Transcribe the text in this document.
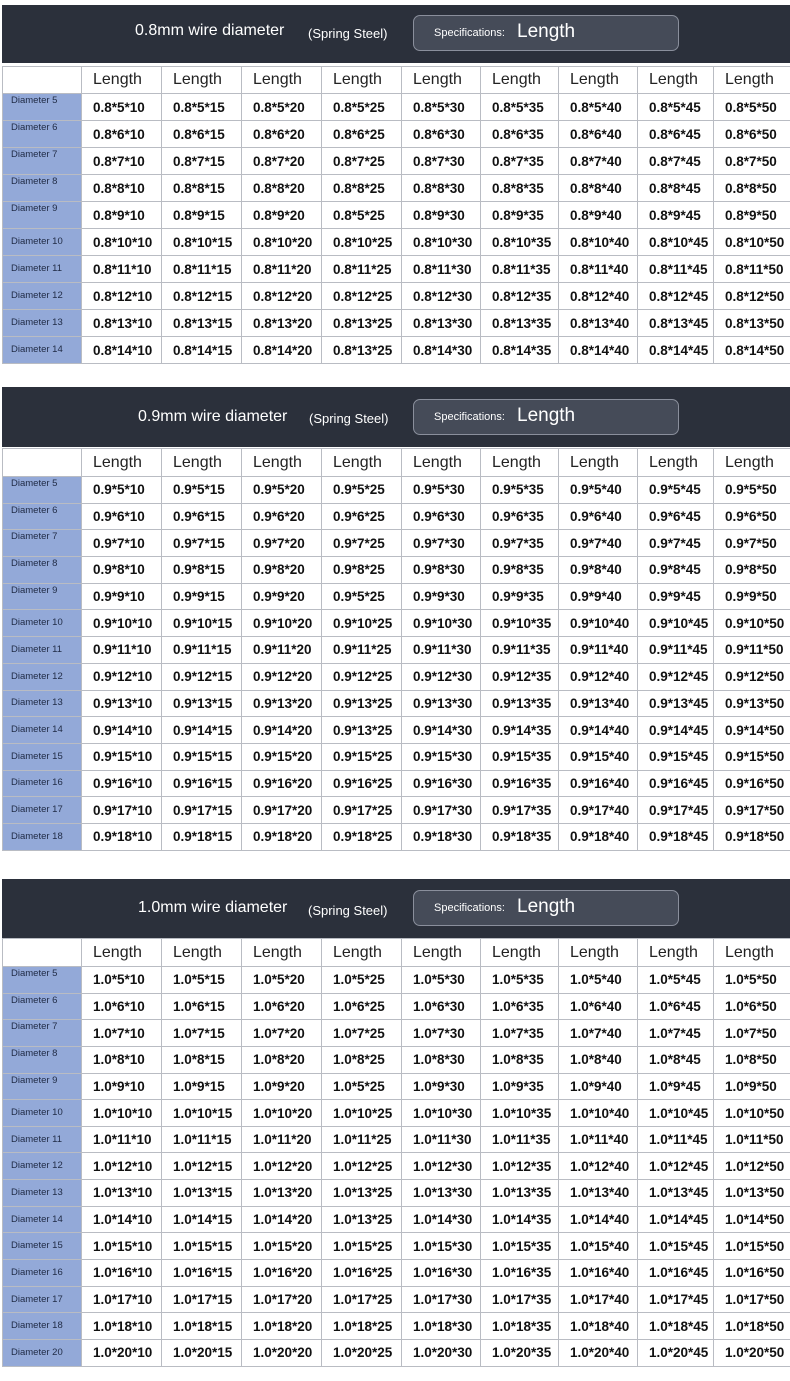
0.8mm wire diameter (Spring Steel)	Specifications: Length
	Length	Length	Length	Length	Length	Length	Length	Length	Length
Diameter 5	0.8*5*10	0.8*5*15	0.8*5*20	0.8*5*25	0.8*5*30	0.8*5*35	0.8*5*40	0.8*5*45	0.8*5*50
Diameter 6	0.8*6*10	0.8*6*15	0.8*6*20	0.8*6*25	0.8*6*30	0.8*6*35	0.8*6*40	0.8*6*45	0.8*6*50
Diameter 7	0.8*7*10	0.8*7*15	0.8*7*20	0.8*7*25	0.8*7*30	0.8*7*35	0.8*7*40	0.8*7*45	0.8*7*50
Diameter 8	0.8*8*10	0.8*8*15	0.8*8*20	0.8*8*25	0.8*8*30	0.8*8*35	0.8*8*40	0.8*8*45	0.8*8*50
Diameter 9	0.8*9*10	0.8*9*15	0.8*9*20	0.8*5*25	0.8*9*30	0.8*9*35	0.8*9*40	0.8*9*45	0.8*9*50
Diameter 10	0.8*10*10	0.8*10*15	0.8*10*20	0.8*10*25	0.8*10*30	0.8*10*35	0.8*10*40	0.8*10*45	0.8*10*50
Diameter 11	0.8*11*10	0.8*11*15	0.8*11*20	0.8*11*25	0.8*11*30	0.8*11*35	0.8*11*40	0.8*11*45	0.8*11*50
Diameter 12	0.8*12*10	0.8*12*15	0.8*12*20	0.8*12*25	0.8*12*30	0.8*12*35	0.8*12*40	0.8*12*45	0.8*12*50
Diameter 13	0.8*13*10	0.8*13*15	0.8*13*20	0.8*13*25	0.8*13*30	0.8*13*35	0.8*13*40	0.8*13*45	0.8*13*50
Diameter 14	0.8*14*10	0.8*14*15	0.8*14*20	0.8*13*25	0.8*14*30	0.8*14*35	0.8*14*40	0.8*14*45	0.8*14*50
0.9mm wire diameter (Spring Steel)	Specifications: Length
	Length	Length	Length	Length	Length	Length	Length	Length	Length
Diameter 5	0.9*5*10	0.9*5*15	0.9*5*20	0.9*5*25	0.9*5*30	0.9*5*35	0.9*5*40	0.9*5*45	0.9*5*50
Diameter 6	0.9*6*10	0.9*6*15	0.9*6*20	0.9*6*25	0.9*6*30	0.9*6*35	0.9*6*40	0.9*6*45	0.9*6*50
Diameter 7	0.9*7*10	0.9*7*15	0.9*7*20	0.9*7*25	0.9*7*30	0.9*7*35	0.9*7*40	0.9*7*45	0.9*7*50
Diameter 8	0.9*8*10	0.9*8*15	0.9*8*20	0.9*8*25	0.9*8*30	0.9*8*35	0.9*8*40	0.9*8*45	0.9*8*50
Diameter 9	0.9*9*10	0.9*9*15	0.9*9*20	0.9*5*25	0.9*9*30	0.9*9*35	0.9*9*40	0.9*9*45	0.9*9*50
Diameter 10	0.9*10*10	0.9*10*15	0.9*10*20	0.9*10*25	0.9*10*30	0.9*10*35	0.9*10*40	0.9*10*45	0.9*10*50
Diameter 11	0.9*11*10	0.9*11*15	0.9*11*20	0.9*11*25	0.9*11*30	0.9*11*35	0.9*11*40	0.9*11*45	0.9*11*50
Diameter 12	0.9*12*10	0.9*12*15	0.9*12*20	0.9*12*25	0.9*12*30	0.9*12*35	0.9*12*40	0.9*12*45	0.9*12*50
Diameter 13	0.9*13*10	0.9*13*15	0.9*13*20	0.9*13*25	0.9*13*30	0.9*13*35	0.9*13*40	0.9*13*45	0.9*13*50
Diameter 14	0.9*14*10	0.9*14*15	0.9*14*20	0.9*13*25	0.9*14*30	0.9*14*35	0.9*14*40	0.9*14*45	0.9*14*50
Diameter 15	0.9*15*10	0.9*15*15	0.9*15*20	0.9*15*25	0.9*15*30	0.9*15*35	0.9*15*40	0.9*15*45	0.9*15*50
Diameter 16	0.9*16*10	0.9*16*15	0.9*16*20	0.9*16*25	0.9*16*30	0.9*16*35	0.9*16*40	0.9*16*45	0.9*16*50
Diameter 17	0.9*17*10	0.9*17*15	0.9*17*20	0.9*17*25	0.9*17*30	0.9*17*35	0.9*17*40	0.9*17*45	0.9*17*50
Diameter 18	0.9*18*10	0.9*18*15	0.9*18*20	0.9*18*25	0.9*18*30	0.9*18*35	0.9*18*40	0.9*18*45	0.9*18*50
1.0mm wire diameter (Spring Steel)	Specifications: Length
	Length	Length	Length	Length	Length	Length	Length	Length	Length
Diameter 5	1.0*5*10	1.0*5*15	1.0*5*20	1.0*5*25	1.0*5*30	1.0*5*35	1.0*5*40	1.0*5*45	1.0*5*50
Diameter 6	1.0*6*10	1.0*6*15	1.0*6*20	1.0*6*25	1.0*6*30	1.0*6*35	1.0*6*40	1.0*6*45	1.0*6*50
Diameter 7	1.0*7*10	1.0*7*15	1.0*7*20	1.0*7*25	1.0*7*30	1.0*7*35	1.0*7*40	1.0*7*45	1.0*7*50
Diameter 8	1.0*8*10	1.0*8*15	1.0*8*20	1.0*8*25	1.0*8*30	1.0*8*35	1.0*8*40	1.0*8*45	1.0*8*50
Diameter 9	1.0*9*10	1.0*9*15	1.0*9*20	1.0*5*25	1.0*9*30	1.0*9*35	1.0*9*40	1.0*9*45	1.0*9*50
Diameter 10	1.0*10*10	1.0*10*15	1.0*10*20	1.0*10*25	1.0*10*30	1.0*10*35	1.0*10*40	1.0*10*45	1.0*10*50
Diameter 11	1.0*11*10	1.0*11*15	1.0*11*20	1.0*11*25	1.0*11*30	1.0*11*35	1.0*11*40	1.0*11*45	1.0*11*50
Diameter 12	1.0*12*10	1.0*12*15	1.0*12*20	1.0*12*25	1.0*12*30	1.0*12*35	1.0*12*40	1.0*12*45	1.0*12*50
Diameter 13	1.0*13*10	1.0*13*15	1.0*13*20	1.0*13*25	1.0*13*30	1.0*13*35	1.0*13*40	1.0*13*45	1.0*13*50
Diameter 14	1.0*14*10	1.0*14*15	1.0*14*20	1.0*13*25	1.0*14*30	1.0*14*35	1.0*14*40	1.0*14*45	1.0*14*50
Diameter 15	1.0*15*10	1.0*15*15	1.0*15*20	1.0*15*25	1.0*15*30	1.0*15*35	1.0*15*40	1.0*15*45	1.0*15*50
Diameter 16	1.0*16*10	1.0*16*15	1.0*16*20	1.0*16*25	1.0*16*30	1.0*16*35	1.0*16*40	1.0*16*45	1.0*16*50
Diameter 17	1.0*17*10	1.0*17*15	1.0*17*20	1.0*17*25	1.0*17*30	1.0*17*35	1.0*17*40	1.0*17*45	1.0*17*50
Diameter 18	1.0*18*10	1.0*18*15	1.0*18*20	1.0*18*25	1.0*18*30	1.0*18*35	1.0*18*40	1.0*18*45	1.0*18*50
Diameter 20	1.0*20*10	1.0*20*15	1.0*20*20	1.0*20*25	1.0*20*30	1.0*20*35	1.0*20*40	1.0*20*45	1.0*20*50
